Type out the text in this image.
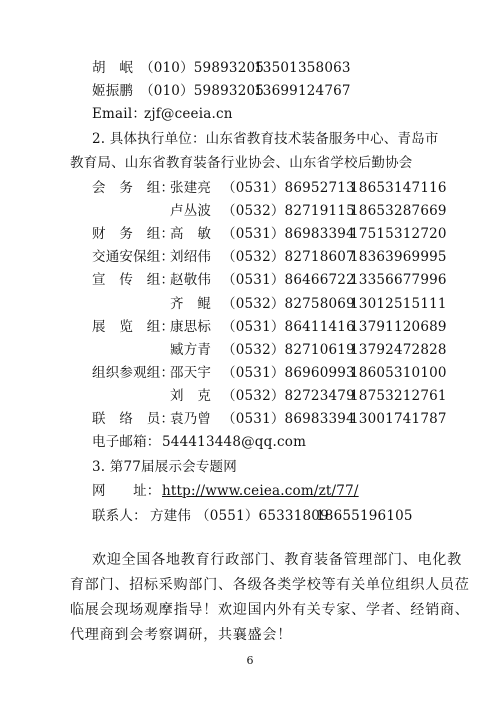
胡　岷 （010）59893205
13501358063
姬振鹏 （010）59893205
13699124767
Email：
zjf@ceeia.cn
2. 具体执行单位：山东省教育技术装备服务中心、青岛市
教育局、山东省教育装备行业协会、山东省学校后勤协会
会　务　组：
张建亮 （0531）86952713
18653147116
卢丛波 （0532）82719115
18653287669
财　务　组：
高　敏 （0531）86983394
17515312720
交通安保组：
刘绍伟 （0532）82718607
18363969995
宣　传　组：
赵敬伟 （0531）86466722
13356677996
齐　鲲 （0532）82758069
13012515111
展　览　组：
康思标 （0531）86411416
13791120689
臧方青 （0532）82710619
13792472828
组织参观组：
邵天宇 （0531）86960993
18605310100
刘　克 （0532）82723479
18753212761
联　络　员：
袁乃曾 （0531）86983394
13001741787
电子邮箱： 544413448@qq.com
3. 第77届展示会专题网
网　　址： http://www.ceiea.com/zt/77/
联系人： 方建伟 （0551）65331809
18655196105
欢迎全国各地教育行政部门、教育装备管理部门、电化教
育部门、招标采购部门、各级各类学校等有关单位组织人员莅
临展会现场观摩指导！欢迎国内外有关专家、学者、经销商、
代理商到会考察调研，共襄盛会！
6
